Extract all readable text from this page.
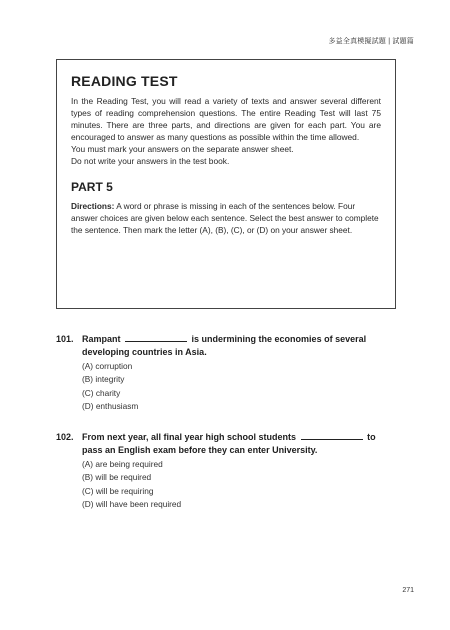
多益全真模擬試題 | 試題篇
READING TEST

In the Reading Test, you will read a variety of texts and answer several different types of reading comprehension questions. The entire Reading Test will last 75 minutes. There are three parts, and directions are given for each part. You are encouraged to answer as many questions as possible within the time allowed.

You must mark your answers on the separate answer sheet.

Do not write your answers in the test book.

PART 5

Directions: A word or phrase is missing in each of the sentences below. Four answer choices are given below each sentence. Select the best answer to complete the sentence. Then mark the letter (A), (B), (C), or (D) on your answer sheet.

101. Rampant	is undermining the economies of several developing countries in Asia.
(A) corruption
(B) integrity
(C) charity
(D) enthusiasm
102. From next year, all final year high school students	to pass an English exam before they can enter University.
(A) are being required
(B) will be required
(C) will be requiring
(D) will have been required
271
